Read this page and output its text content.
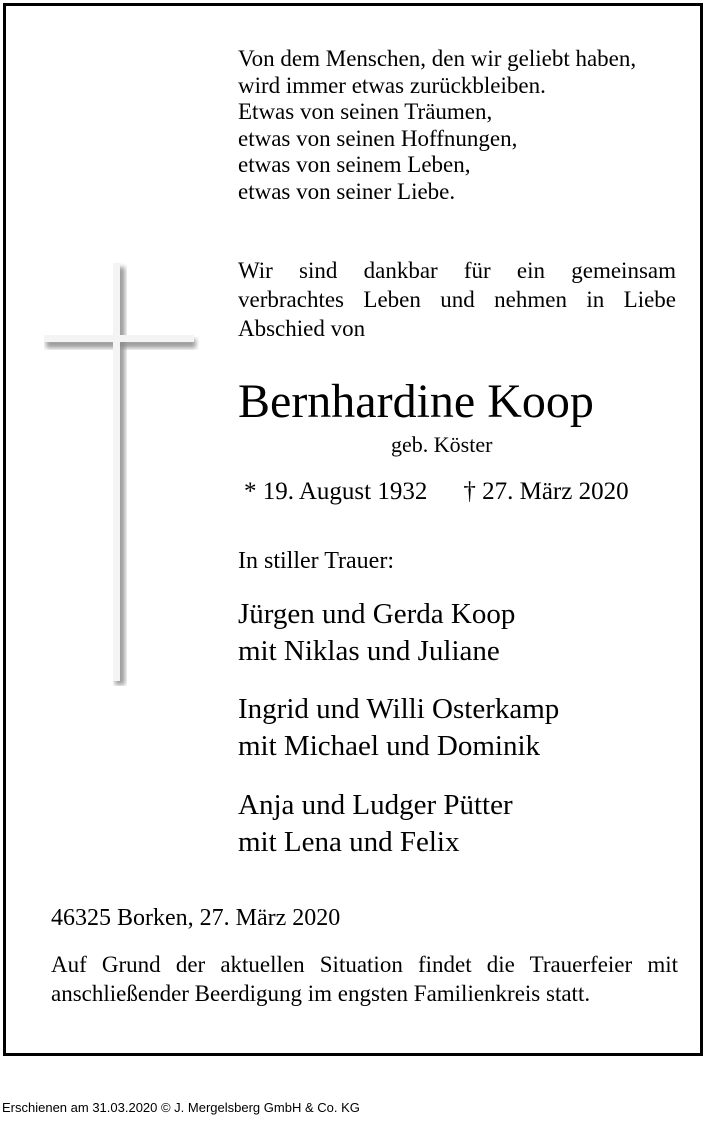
Von dem Menschen, den wir geliebt haben,
wird immer etwas zurückbleiben.
Etwas von seinen Träumen,
etwas von seinen Hoffnungen,
etwas von seinem Leben,
etwas von seiner Liebe.
Wir sind dankbar für ein gemeinsam verbrachtes Leben und nehmen in Liebe Abschied von
Bernhardine Koop
geb. Köster
* 19. August 1932 † 27. März 2020
In stiller Trauer:
Jürgen und Gerda Koop
mit Niklas und Juliane
Ingrid und Willi Osterkamp
mit Michael und Dominik
Anja und Ludger Pütter
mit Lena und Felix
46325 Borken, 27. März 2020
Auf Grund der aktuellen Situation findet die Trauerfeier mit anschließender Beerdigung im engsten Familienkreis statt.
Erschienen am 31.03.2020 © J. Mergelsberg GmbH & Co. KG
